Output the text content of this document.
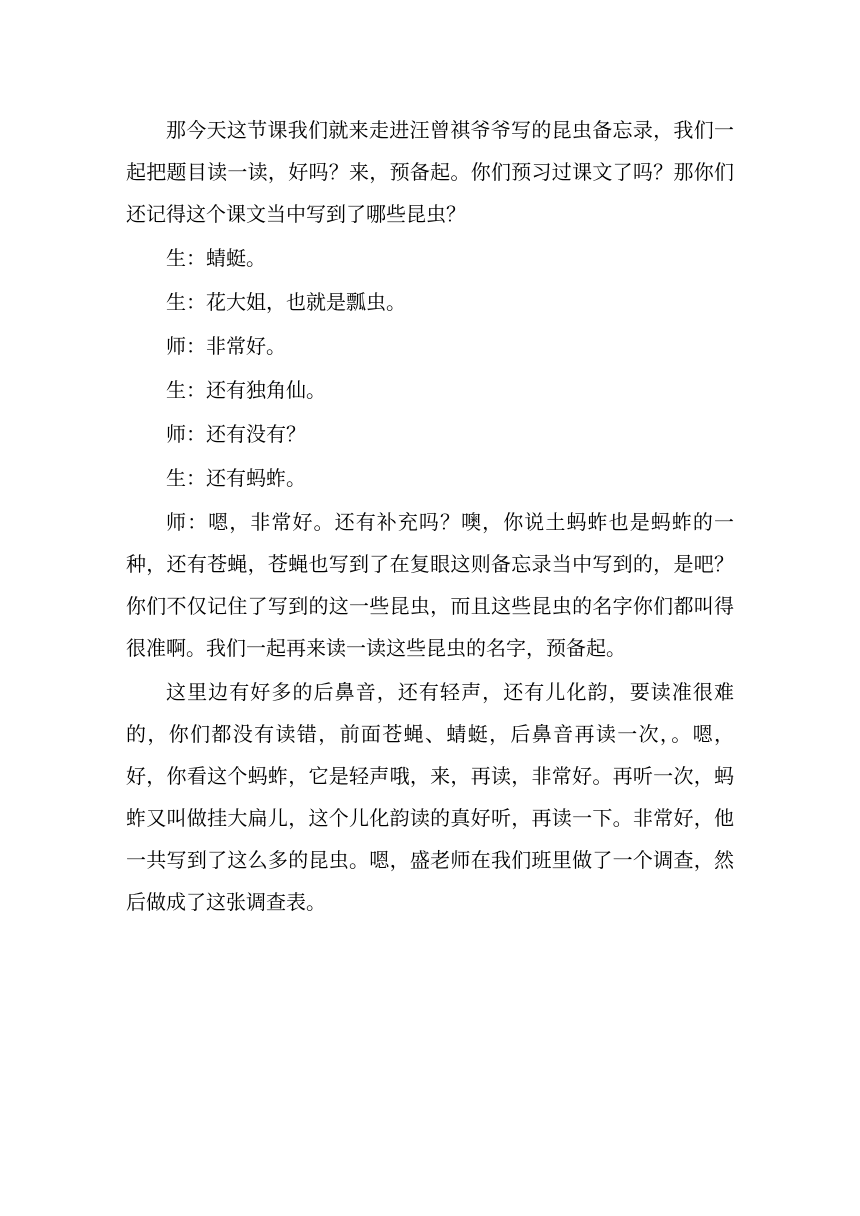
那今天这节课我们就来走进汪曾祺爷爷写的昆虫备忘录，我们一起把题目读一读，好吗？来，预备起。你们预习过课文了吗？那你们还记得这个课文当中写到了哪些昆虫？

生：蜻蜓。

生：花大姐，也就是瓢虫。

师：非常好。

生：还有独角仙。

师：还有没有？

生：还有蚂蚱。

师：嗯，非常好。还有补充吗？噢，你说土蚂蚱也是蚂蚱的一种，还有苍蝇，苍蝇也写到了在复眼这则备忘录当中写到的，是吧？你们不仅记住了写到的这一些昆虫，而且这些昆虫的名字你们都叫得很准啊。我们一起再来读一读这些昆虫的名字，预备起。

这里边有好多的后鼻音，还有轻声，还有儿化韵，要读准很难的，你们都没有读错，前面苍蝇、蜻蜓，后鼻音再读一次，。嗯，好，你看这个蚂蚱，它是轻声哦，来，再读，非常好。再听一次，蚂蚱又叫做挂大扁儿，这个儿化韵读的真好听，再读一下。非常好，他一共写到了这么多的昆虫。嗯，盛老师在我们班里做了一个调查，然后做成了这张调查表。
